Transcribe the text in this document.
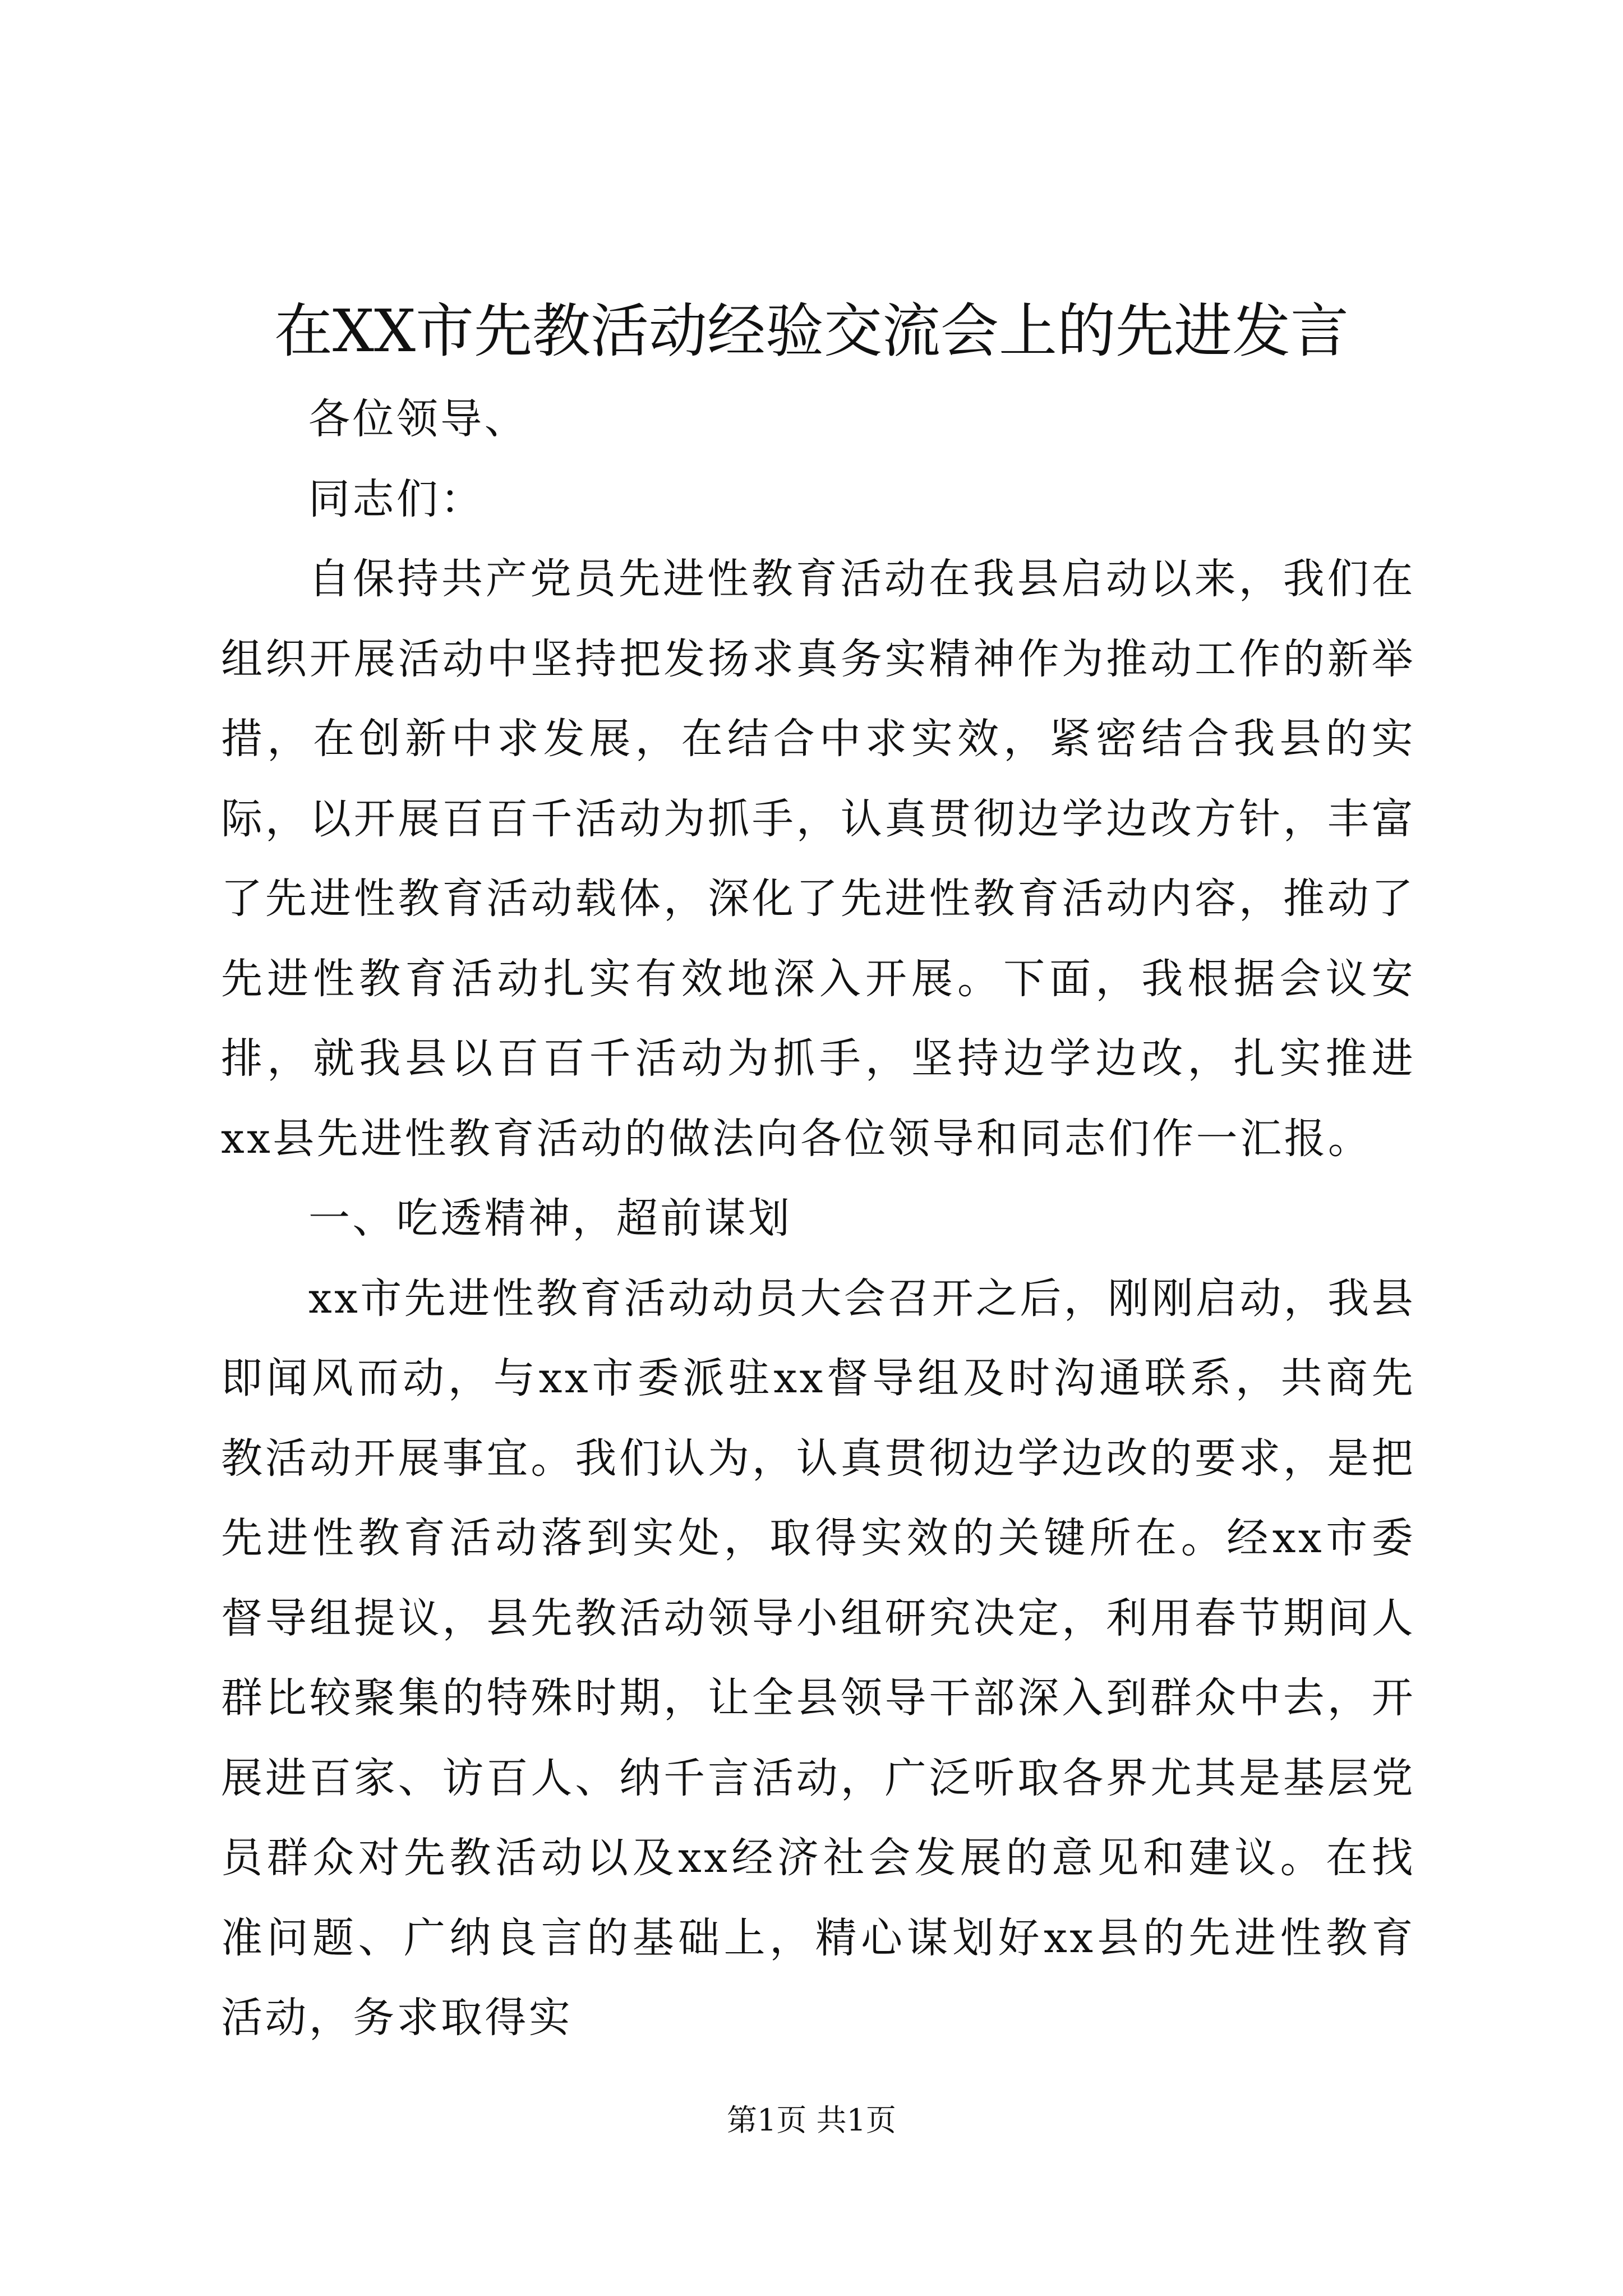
在XX市先教活动经验交流会上的先进发言

各位领导、

同志们：

自保持共产党员先进性教育活动在我县启动以来，我们在组织开展活动中坚持把发扬求真务实精神作为推动工作的新举措，在创新中求发展，在结合中求实效，紧密结合我县的实际，以开展百百千活动为抓手，认真贯彻边学边改方针，丰富了先进性教育活动载体，深化了先进性教育活动内容，推动了先进性教育活动扎实有效地深入开展。下面，我根据会议安排，就我县以百百千活动为抓手，坚持边学边改，扎实推进xx县先进性教育活动的做法向各位领导和同志们作一汇报。

一、吃透精神，超前谋划

xx市先进性教育活动动员大会召开之后，刚刚启动，我县即闻风而动，与xx市委派驻xx督导组及时沟通联系，共商先教活动开展事宜。我们认为，认真贯彻边学边改的要求，是把先进性教育活动落到实处，取得实效的关键所在。经xx市委督导组提议，县先教活动领导小组研究决定，利用春节期间人群比较聚集的特殊时期，让全县领导干部深入到群众中去，开展进百家、访百人、纳千言活动，广泛听取各界尤其是基层党员群众对先教活动以及xx经济社会发展的意见和建议。在找准问题、广纳良言的基础上，精心谋划好xx县的先进性教育活动，务求取得实

第1页 共1页
